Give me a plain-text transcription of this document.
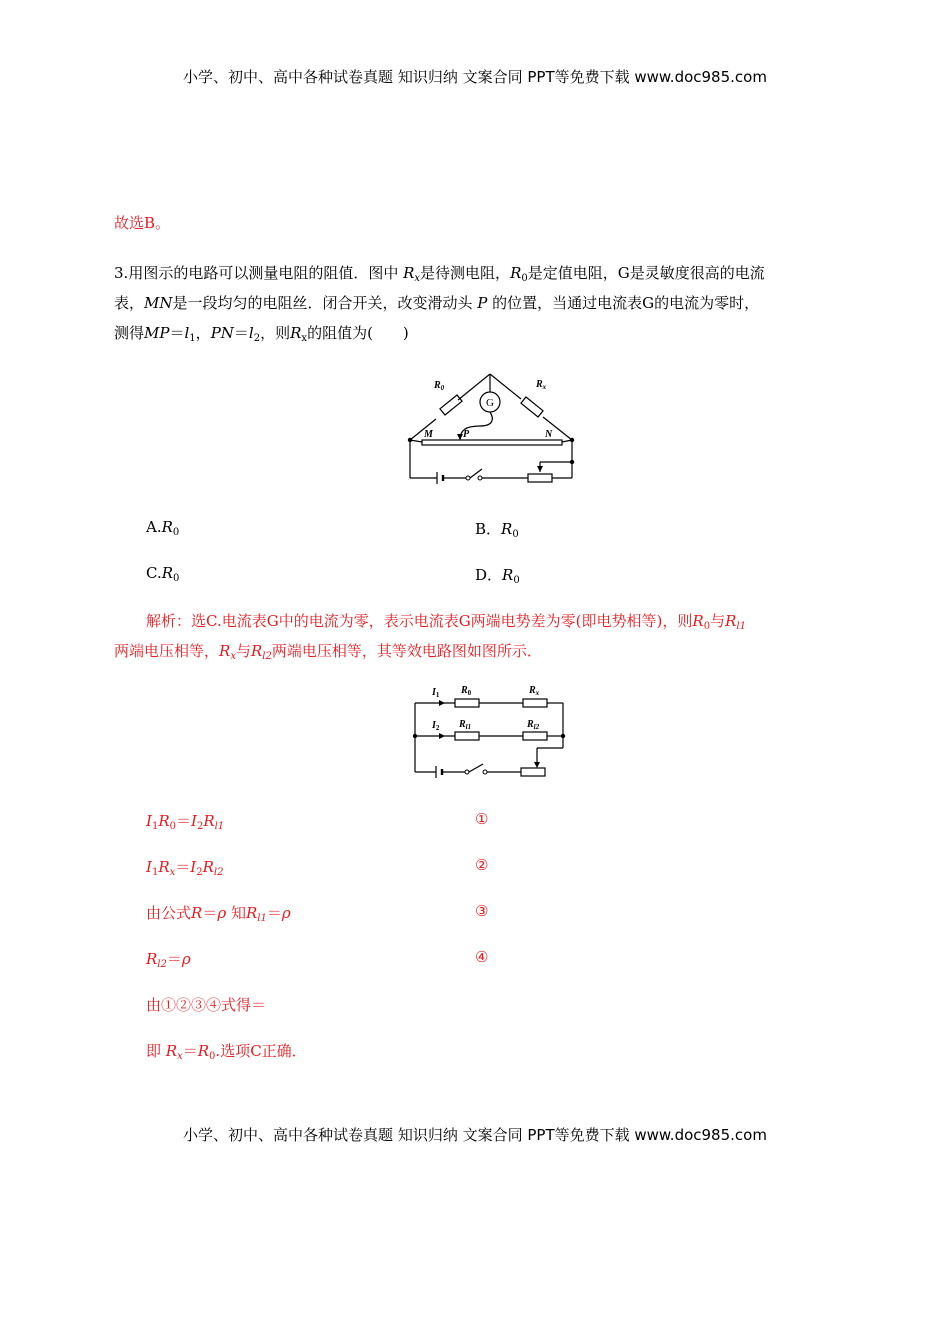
小学、初中、高中各种试卷真题 知识归纳 文案合同 PPT等免费下载 www.doc985.com
故选B。
3.用图示的电路可以测量电阻的阻值．图中 $R_x$是待测电阻，$R_0$是定值电阻，G是灵敏度很高的电流
表，MN是一段均匀的电阻丝．闭合开关，改变滑动头 P 的位置，当通过电流表G的电流为零时，
测得$MP=l_1$，$PN=l_2$，则$R_x$的阻值为(　　)
$R_0$	$R_x$
G
M	P	N
$A.R_0$	B．$R_0$
$C.R_0$	D．$R_0$
解析：选C.电流表G中的电流为零，表示电流表G两端电势差为零(即电势相等)，则$R_0$与$R_{l1}$
两端电压相等，$R_x$与$R_{l2}$两端电压相等，其等效电路图如图所示．
$I_1$
$I_2$
$R_0$	$R_x$
$R_{l1}$	$R_{l2}$
$I_1R_0=I_2R_{l1}$	①
$I_1R_x=I_2R_{l2}$	②
由公式R＝ρ 知$R_{l1}=\rho$	③
$R_{l2}=\rho$	④
由①②③④式得＝
即 $R_x=R_0$.选项C正确．
小学、初中、高中各种试卷真题 知识归纳 文案合同 PPT等免费下载 www.doc985.com
